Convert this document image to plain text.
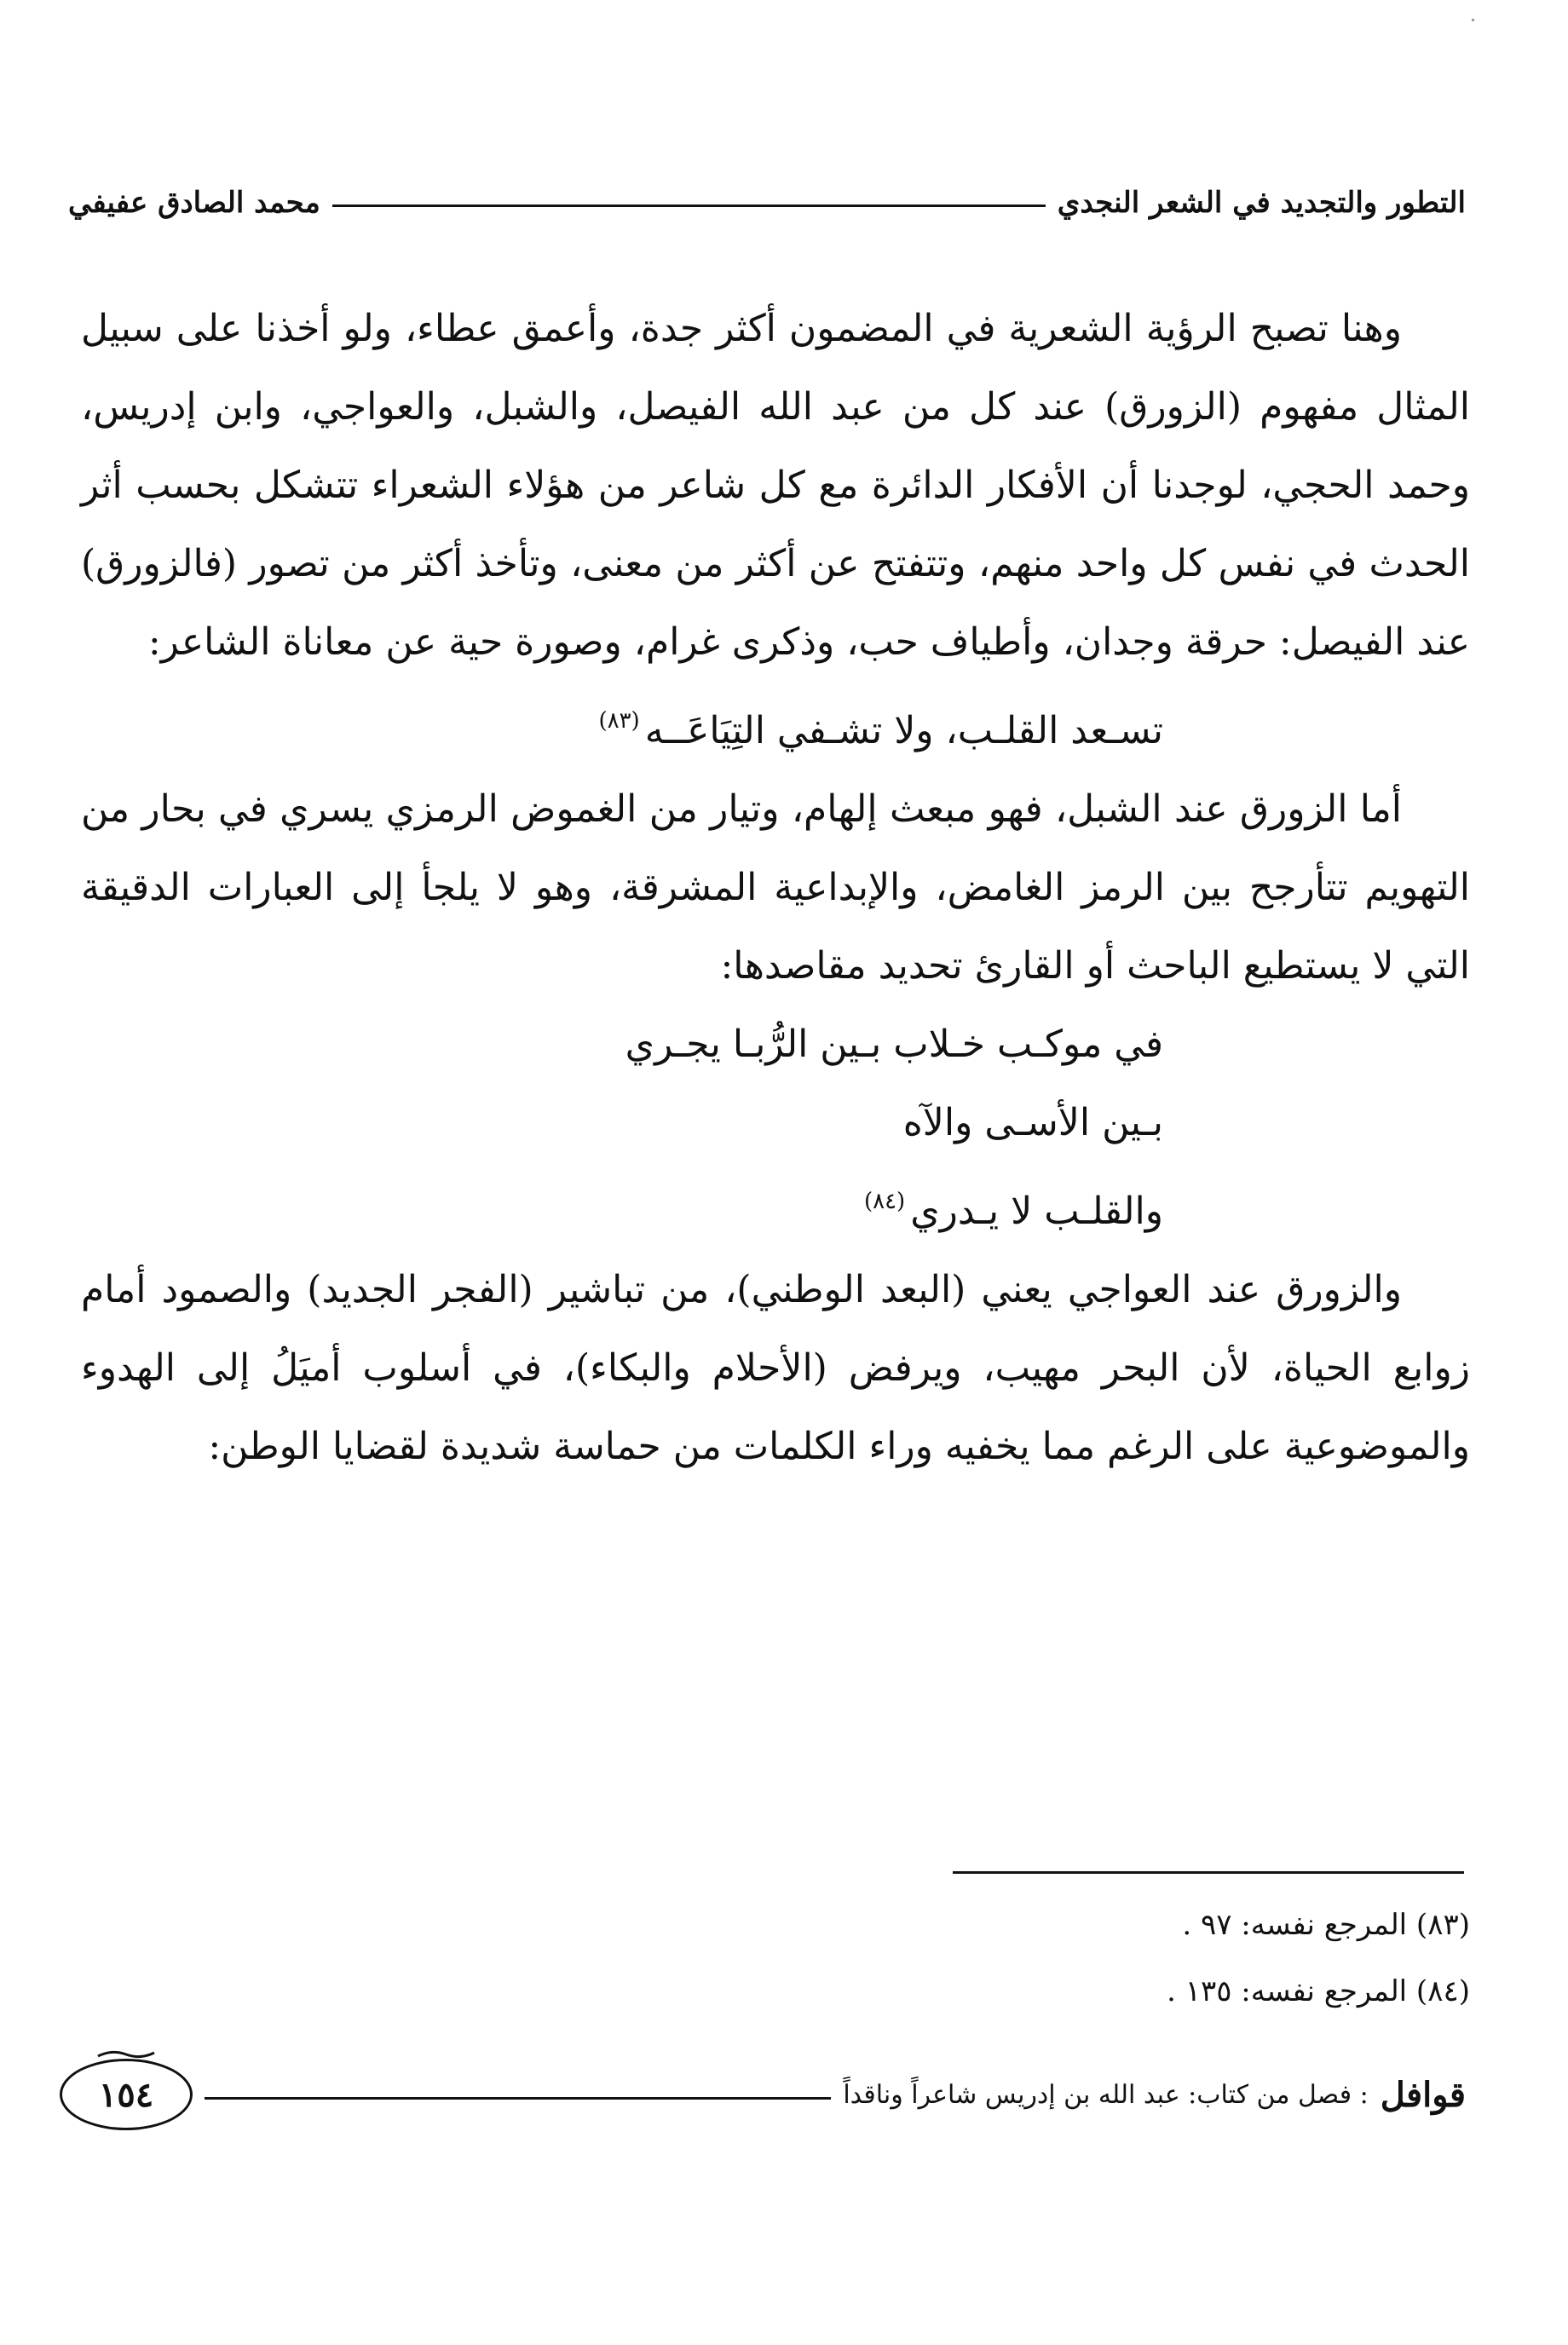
التطور والتجديد في الشعر النجدي
محمد الصادق عفيفي

وهنا تصبح الرؤية الشعرية في المضمون أكثر جدة، وأعمق عطاء، ولو أخذنا على سبيل المثال مفهوم (الزورق) عند كل من عبد الله الفيصل، والشبل، والعواجي، وابن إدريس، وحمد الحجي، لوجدنا أن الأفكار الدائرة مع كل شاعر من هؤلاء الشعراء تتشكل بحسب أثر الحدث في نفس كل واحد منهم، وتتفتح عن أكثر من معنى، وتأخذ أكثر من تصور (فالزورق) عند الفيصل: حرقة وجدان، وأطياف حب، وذكرى غرام، وصورة حية عن معاناة الشاعر:

تسـعد القلـب، ولا تشـفي التِيَاعَــه$^{(٨٣)}$

أما الزورق عند الشبل، فهو مبعث إلهام، وتيار من الغموض الرمزي يسري في بحار من التهويم تتأرجح بين الرمز الغامض، والإبداعية المشرقة، وهو لا يلجأ إلى العبارات الدقيقة التي لا يستطيع الباحث أو القارئ تحديد مقاصدها:

في موكـب خـلاب بـين الرُّبـا يجـري
بـين الأسـى والآه
والقلـب لا يـدري$^{(٨٤)}$

والزورق عند العواجي يعني (البعد الوطني)، من تباشير (الفجر الجديد) والصمود أمام زوابع الحياة، لأن البحر مهيب، ويرفض (الأحلام والبكاء)، في أسلوب أميَلُ إلى الهدوء والموضوعية على الرغم مما يخفيه وراء الكلمات من حماسة شديدة لقضايا الوطن:

(٨٣) المرجع نفسه: ٩٧ .
(٨٤) المرجع نفسه: ١٣٥ .
قوافل
: فصل من كتاب: عبد الله بن إدريس شاعراً وناقداً
١٥٤
